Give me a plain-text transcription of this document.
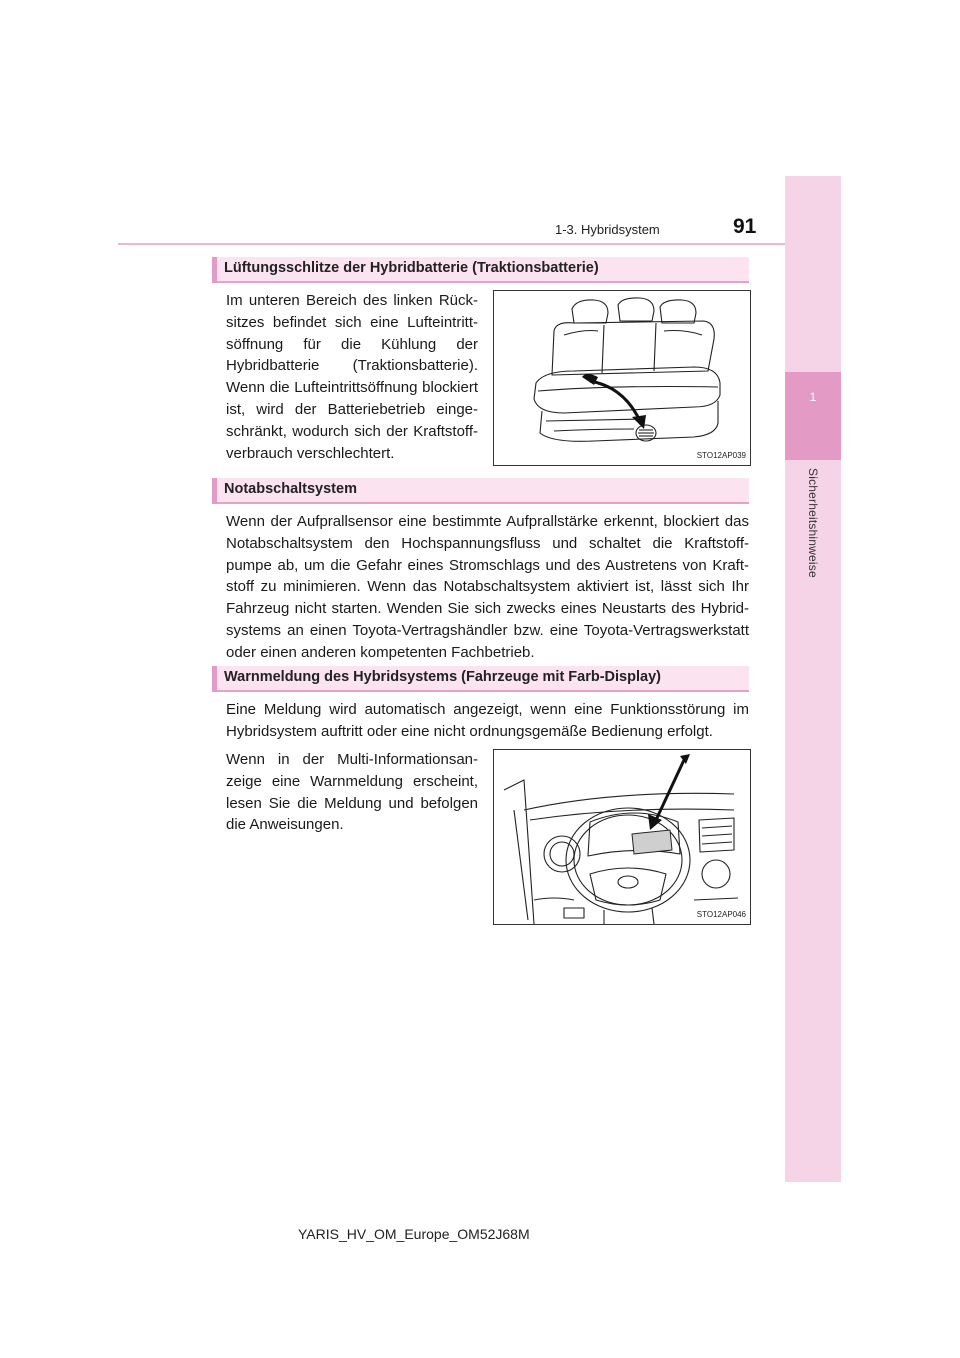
1-3. Hybridsystem	91
1
Sicherheitshinweise
Lüftungsschlitze der Hybridbatterie (Traktionsbatterie)
Im unteren Bereich des linken Rück-
sitzes befindet sich eine Lufteintritt-
söffnung für die Kühlung der
Hybridbatterie (Traktionsbatterie).
Wenn die Lufteintrittsöffnung blockiert
ist, wird der Batteriebetrieb einge-
schränkt, wodurch sich der Kraftstoff-
verbrauch verschlechtert.	STO12AP039
Notabschaltsystem
Wenn der Aufprallsensor eine bestimmte Aufprallstärke erkennt, blockiert das
Notabschaltsystem den Hochspannungsfluss und schaltet die Kraftstoff-
pumpe ab, um die Gefahr eines Stromschlags und des Austretens von Kraft-
stoff zu minimieren. Wenn das Notabschaltsystem aktiviert ist, lässt sich Ihr
Fahrzeug nicht starten. Wenden Sie sich zwecks eines Neustarts des Hybrid-
systems an einen Toyota-Vertragshändler bzw. eine Toyota-Vertragswerkstatt
oder einen anderen kompetenten Fachbetrieb.
Warnmeldung des Hybridsystems (Fahrzeuge mit Farb-Display)
Eine Meldung wird automatisch angezeigt, wenn eine Funktionsstörung im
Hybridsystem auftritt oder eine nicht ordnungsgemäße Bedienung erfolgt.
Wenn in der Multi-Informationsan-
zeige eine Warnmeldung erscheint,
lesen Sie die Meldung und befolgen
die Anweisungen.
STO12AP046
YARIS_HV_OM_Europe_OM52J68M
